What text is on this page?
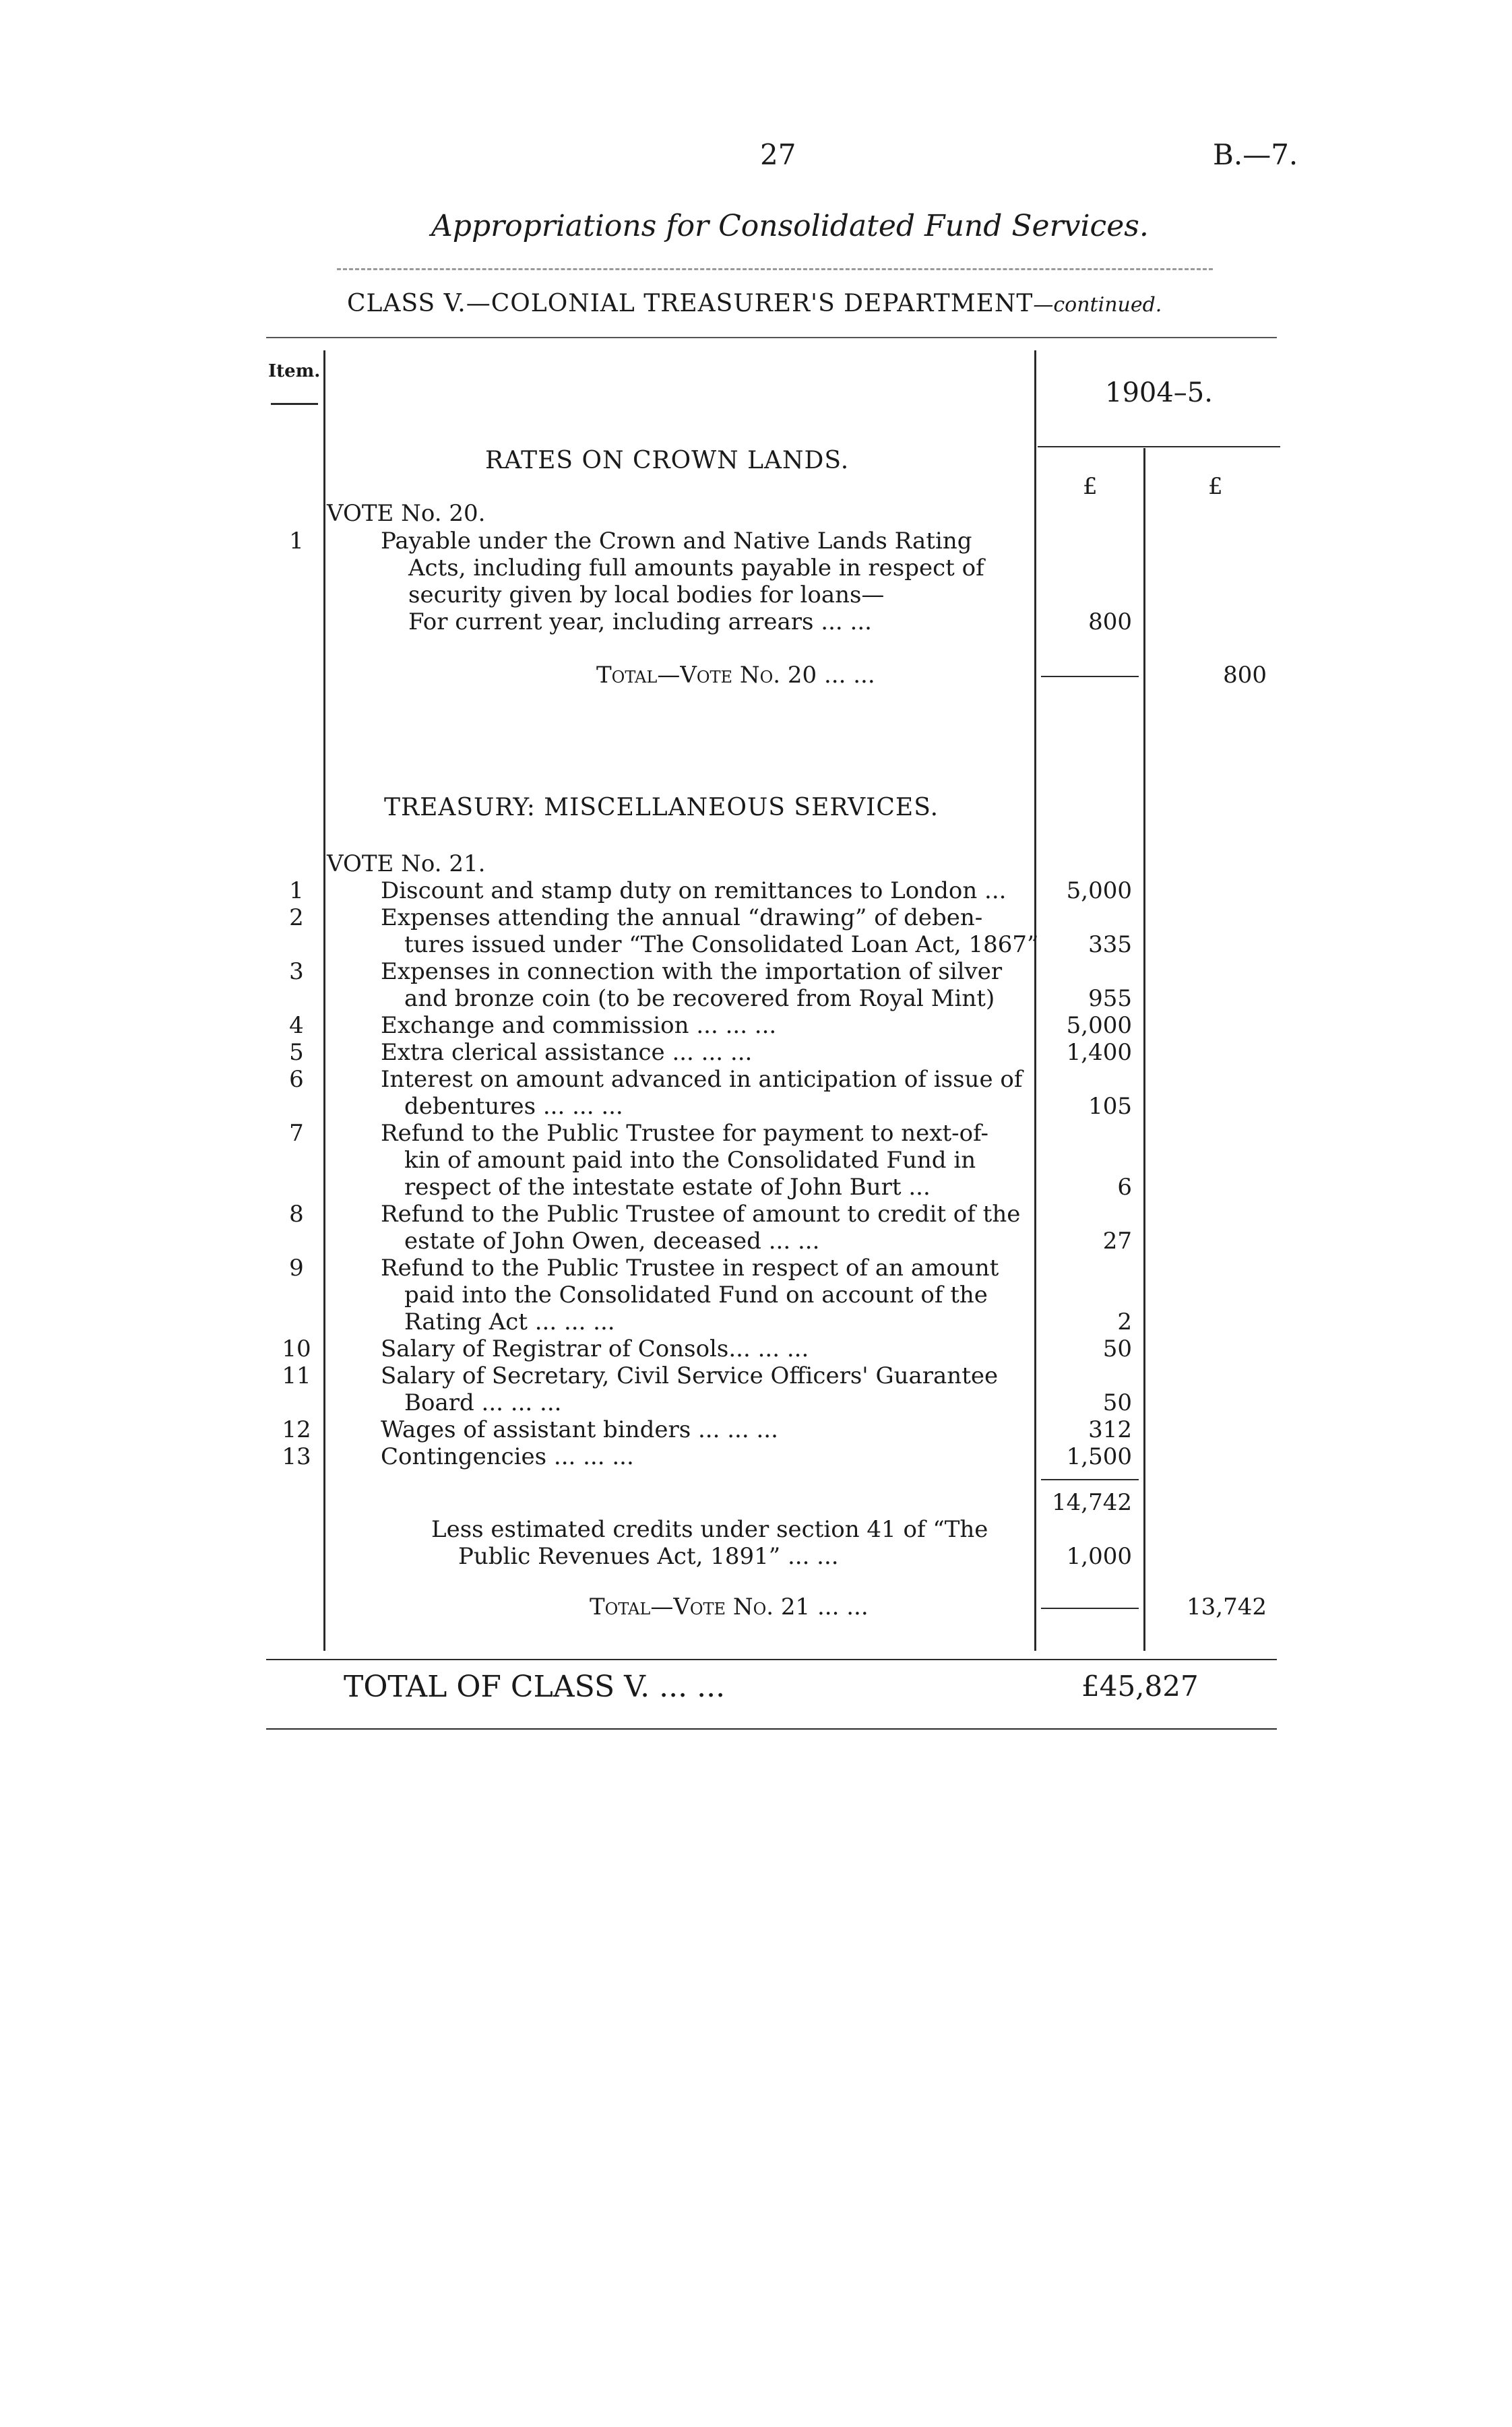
27	B.—7.
Appropriations for Consolidated Fund Services.
CLASS V.—COLONIAL TREASURER'S DEPARTMENT—continued.
Item.
1904–5.
£	£
RATES ON CROWN LANDS.
VOTE No. 20.
1	Payable under the Crown and Native Lands Rating
Acts, including full amounts payable in respect of
security given by local bodies for loans—
For current year, including arrears ... ...	800
Total—Vote No. 20 ... ...	800
TREASURY: MISCELLANEOUS SERVICES.
VOTE No. 21.
1	Discount and stamp duty on remittances to London ...	5,000
2	Expenses attending the annual “drawing” of deben-
tures issued under “The Consolidated Loan Act, 1867”	335
3	Expenses in connection with the importation of silver
and bronze coin (to be recovered from Royal Mint)	955
4	Exchange and commission ... ... ...	5,000
5	Extra clerical assistance ... ... ...	1,400
6	Interest on amount advanced in anticipation of issue of
debentures ... ... ...	105
7	Refund to the Public Trustee for payment to next-of-
kin of amount paid into the Consolidated Fund in
respect of the intestate estate of John Burt ...	6
8	Refund to the Public Trustee of amount to credit of the
estate of John Owen, deceased ... ...	27
9	Refund to the Public Trustee in respect of an amount
paid into the Consolidated Fund on account of the
Rating Act ... ... ...	2
10	Salary of Registrar of Consols... ... ...	50
11	Salary of Secretary, Civil Service Officers' Guarantee
Board ... ... ...	50
12	Wages of assistant binders ... ... ...	312
13	Contingencies ... ... ...	1,500
14,742
Less estimated credits under section 41 of “The
Public Revenues Act, 1891” ... ...	1,000
Total—Vote No. 21 ... ...	13,742
TOTAL OF CLASS V. ... ...	£45,827
